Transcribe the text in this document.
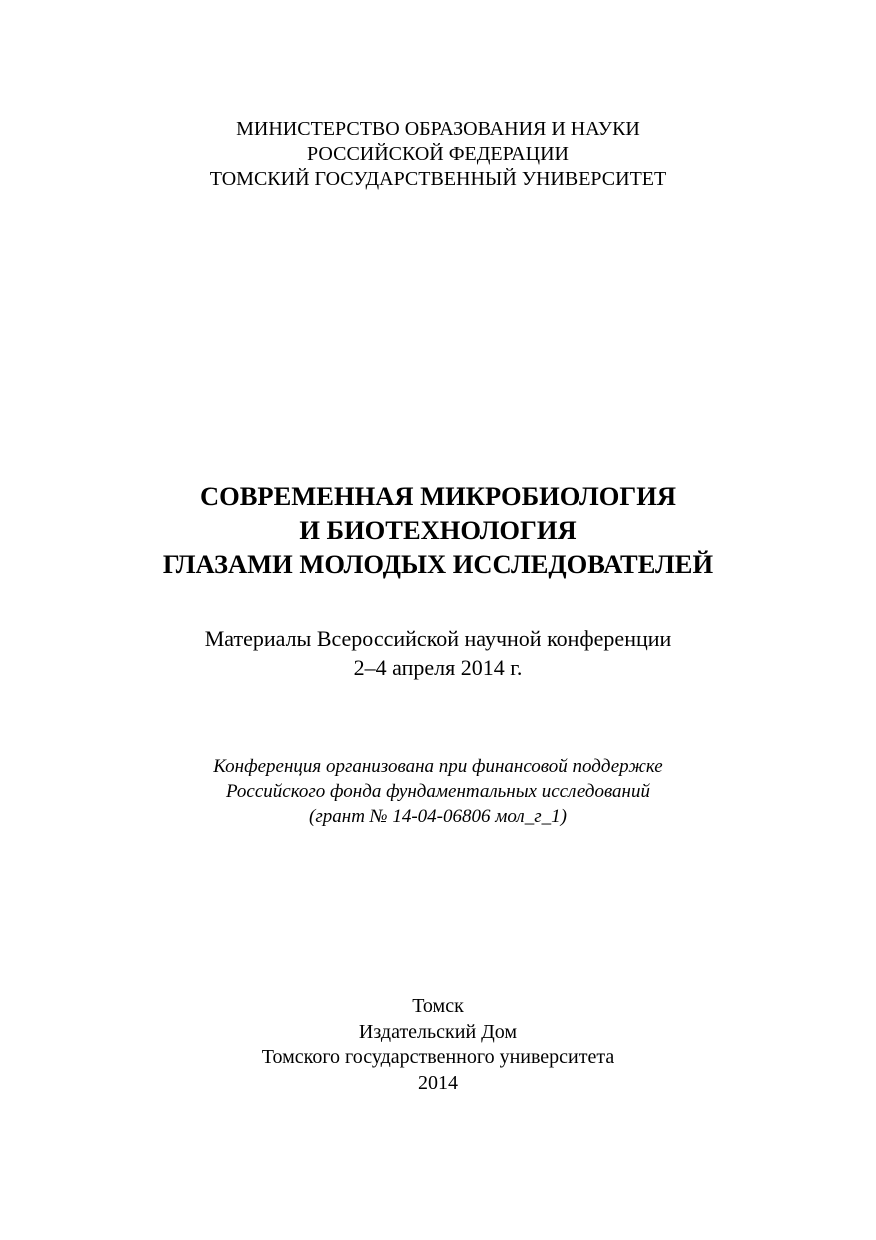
МИНИСТЕРСТВО ОБРАЗОВАНИЯ И НАУКИ
РОССИЙСКОЙ ФЕДЕРАЦИИ
ТОМСКИЙ ГОСУДАРСТВЕННЫЙ УНИВЕРСИТЕТ
СОВРЕМЕННАЯ МИКРОБИОЛОГИЯ
И БИОТЕХНОЛОГИЯ
ГЛАЗАМИ МОЛОДЫХ ИССЛЕДОВАТЕЛЕЙ
Материалы Всероссийской научной конференции
2–4 апреля 2014 г.
Конференция организована при финансовой поддержке
Российского фонда фундаментальных исследований
(грант № 14-04-06806 мол_г_1)
Томск
Издательский Дом
Томского государственного университета
2014
